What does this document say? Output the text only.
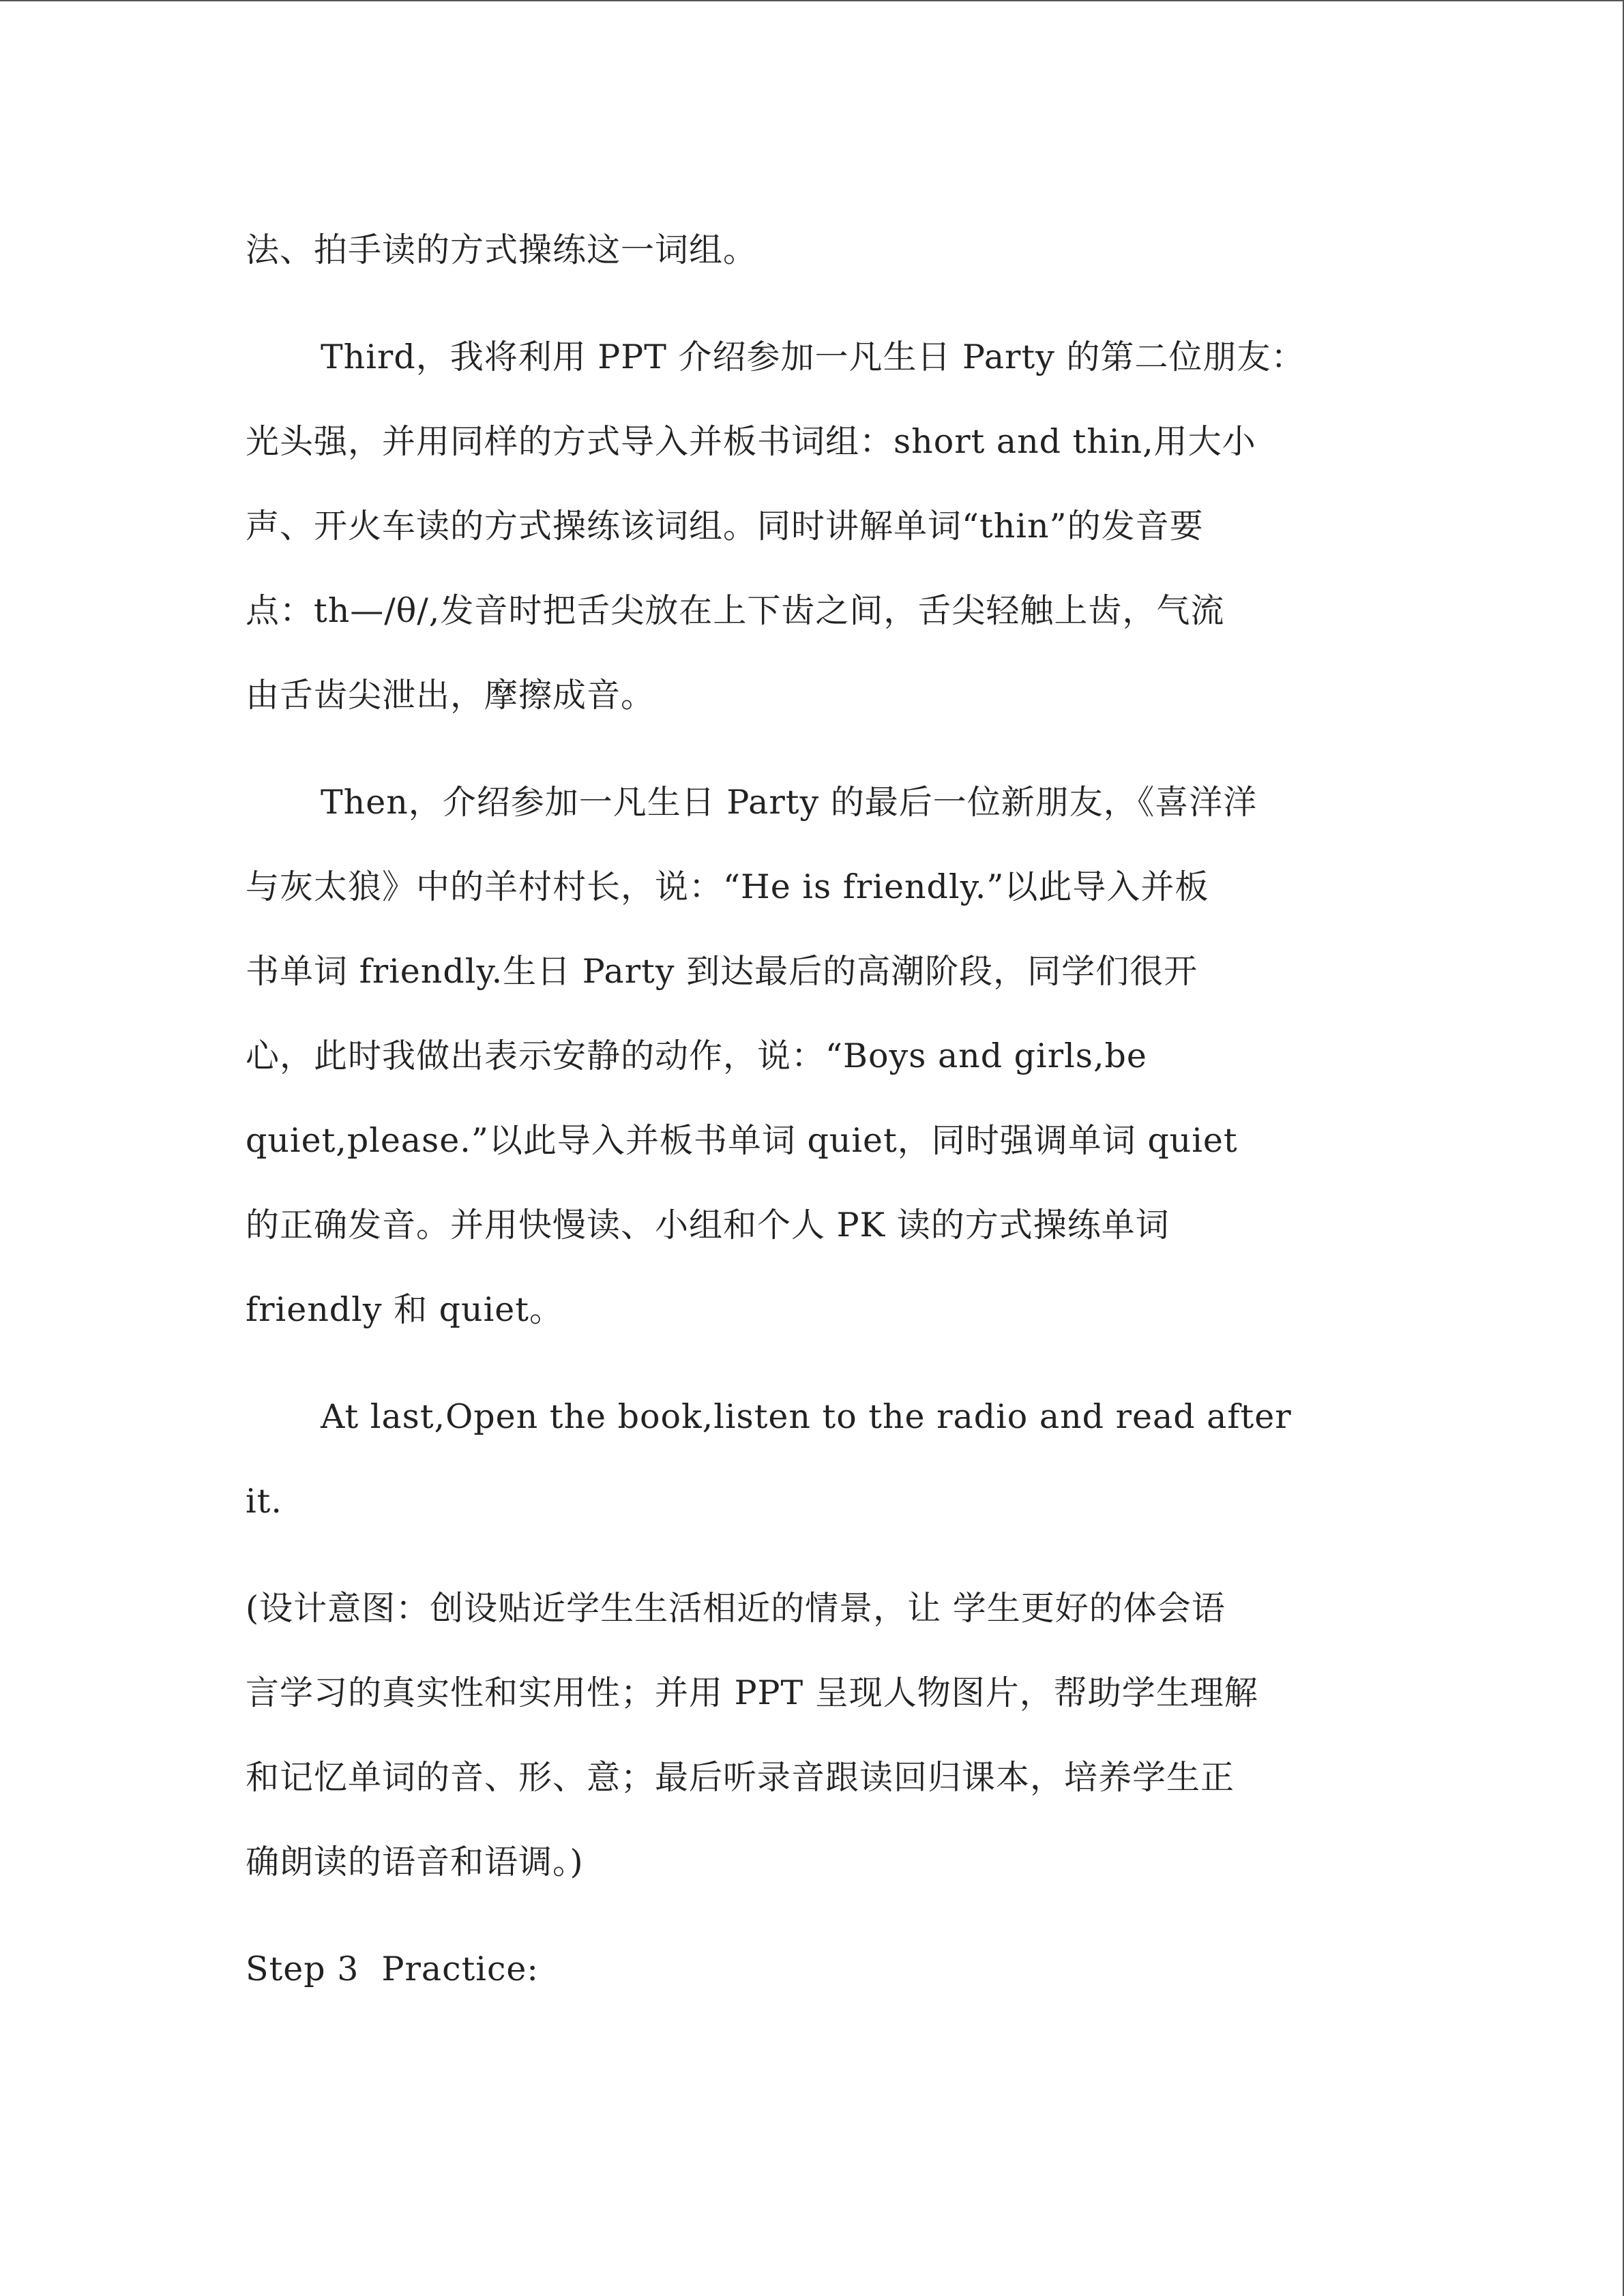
法、拍手读的方式操练这一词组。
Third，我将利用 PPT 介绍参加一凡生日 Party 的第二位朋友：
光头强，并用同样的方式导入并板书词组：short and thin,用大小
声、开火车读的方式操练该词组。同时讲解单词“thin”的发音要
点：th—/θ/,发音时把舌尖放在上下齿之间，舌尖轻触上齿，气流
由舌齿尖泄出，摩擦成音。
Then，介绍参加一凡生日 Party 的最后一位新朋友，《喜洋洋
与灰太狼》中的羊村村长，说：“He is friendly.”以此导入并板
书单词 friendly.生日 Party 到达最后的高潮阶段，同学们很开
心，此时我做出表示安静的动作，说：“Boys and girls,be
quiet,please.”以此导入并板书单词 quiet，同时强调单词 quiet
的正确发音。并用快慢读、小组和个人 PK 读的方式操练单词
friendly 和 quiet。
At last,Open the book,listen to the radio and read after
it.
(设计意图：创设贴近学生生活相近的情景，让 学生更好的体会语
言学习的真实性和实用性；并用 PPT 呈现人物图片，帮助学生理解
和记忆单词的音、形、意；最后听录音跟读回归课本，培养学生正
确朗读的语音和语调。)
Step 3  Practice:
